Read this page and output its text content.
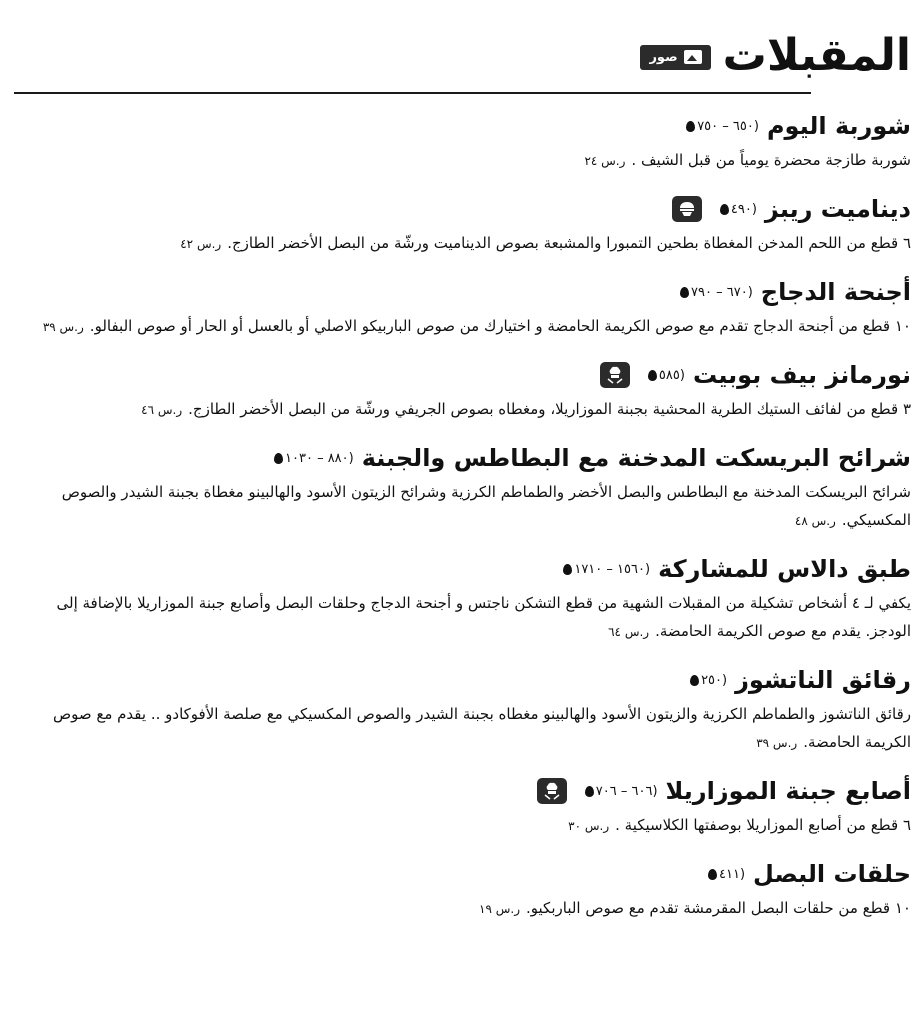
المقبلات
صور
شوربة اليوم
(٦٥٠ – ٧٥٠

شوربة طازجة محضرة يومياً من قبل الشيف .ر.س ٢٤

ديناميت ريبز
(٤٩٠

٦ قطع من اللحم المدخن المغطاة بطحين التمبورا والمشبعة بصوص الديناميت ورشّة من البصل الأخضر الطازج.ر.س ٤٢

أجنحة الدجاج
(٦٧٠ – ٧٩٠

١٠ قطع من أجنحة الدجاج تقدم مع صوص الكريمة الحامضة و اختيارك من صوص الباربيكو الاصلي أو بالعسل أو الحار أو صوص البفالو.ر.س ٣٩

نورمانز بيف بوبيت
(٥٨٥

٣ قطع من لفائف الستيك الطرية المحشية بجبنة الموزاريلا، ومغطاه بصوص الجريفي ورشّة من البصل الأخضر الطازج.ر.س ٤٦

شرائح البريسكت المدخنة مع البطاطس والجبنة
(٨٨٠ – ١٠٣٠

شرائح البريسكت المدخنة مع البطاطس والبصل الأخضر والطماطم الكرزية وشرائح الزيتون الأسود والهالبينو مغطاة بجبنة الشيدر والصوص المكسيكي.ر.س ٤٨

طبق دالاس للمشاركة
(١٥٦٠ – ١٧١٠

يكفي لـ ٤ أشخاص تشكيلة من المقبلات الشهية من قطع التشكن ناجتس و أجنحة الدجاج وحلقات البصل وأصابع جبنة الموزاريلا بالإضافة إلى الودجز. يقدم مع صوص الكريمة الحامضة.ر.س ٦٤

رقائق الناتشوز
(٢٥٠

رقائق الناتشوز والطماطم الكرزية والزيتون الأسود والهالبينو مغطاه بجبنة الشيدر والصوص المكسيكي مع صلصة الأفوكادو .. يقدم مع صوص الكريمة الحامضة.ر.س ٣٩

أصابع جبنة الموزاريلا
(٦٠٦ – ٧٠٦

٦ قطع من أصابع الموزاريلا بوصفتها الكلاسيكية .ر.س ٣٠

حلقات البصل
(٤١١

١٠ قطع من حلقات البصل المقرمشة تقدم مع صوص الباربكيو.ر.س ١٩
